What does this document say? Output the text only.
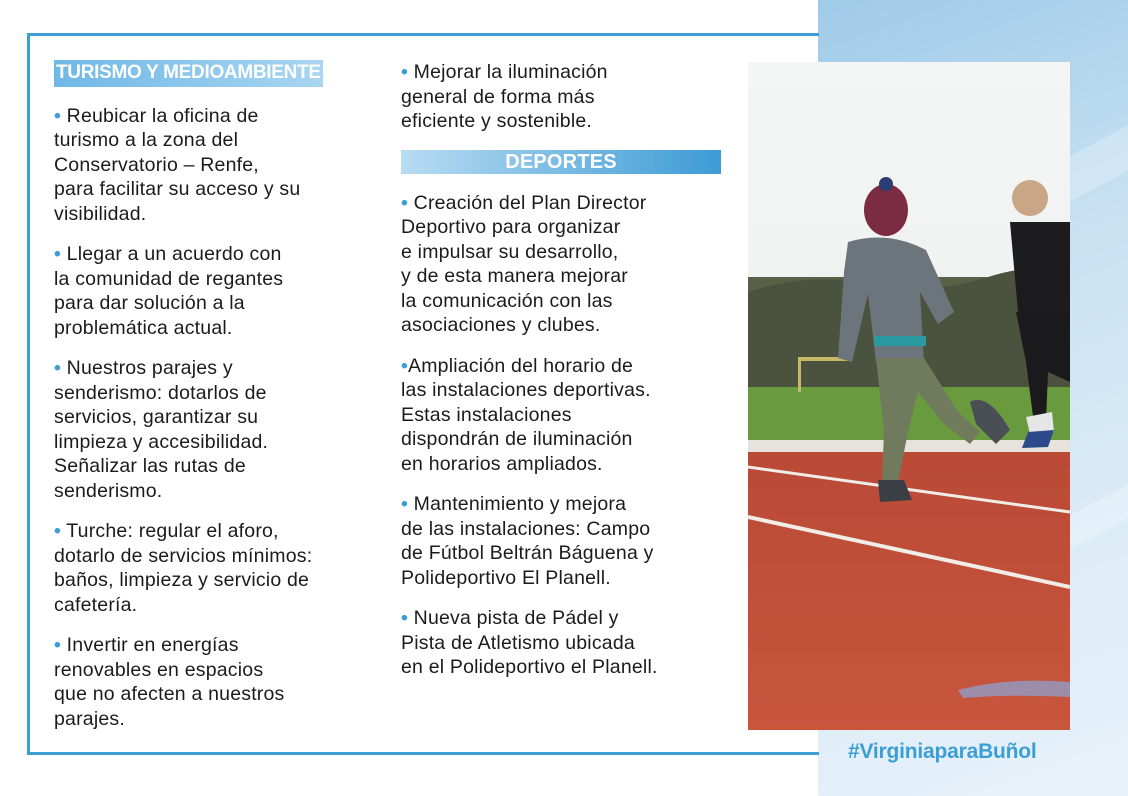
TURISMO Y MEDIOAMBIENTE
• Reubicar la oficina de
turismo a la zona del
Conservatorio – Renfe,
para facilitar su acceso y su
visibilidad.
• Llegar a un acuerdo con
la comunidad de regantes
para dar solución a la
problemática actual.
• Nuestros parajes y
senderismo: dotarlos de
servicios, garantizar su
limpieza y accesibilidad.
Señalizar las rutas de
senderismo.
• Turche: regular el aforo,
dotarlo de servicios mínimos:
baños, limpieza y servicio de
cafetería.
• Invertir en energías
renovables en espacios
que no afecten a nuestros
parajes.
• Mejorar la iluminación
general de forma más
eficiente y sostenible.
DEPORTES
• Creación del Plan Director
Deportivo para organizar
e impulsar su desarrollo,
y de esta manera mejorar
la comunicación con las
asociaciones y clubes.
•Ampliación del horario de
las instalaciones deportivas.
Estas instalaciones
dispondrán de iluminación
en horarios ampliados.
• Mantenimiento y mejora
de las instalaciones: Campo
de Fútbol Beltrán Báguena y
Polideportivo El Planell.
• Nueva pista de Pádel y
Pista de Atletismo ubicada
en el Polideportivo el Planell.
#VirginiaparaBuñol
